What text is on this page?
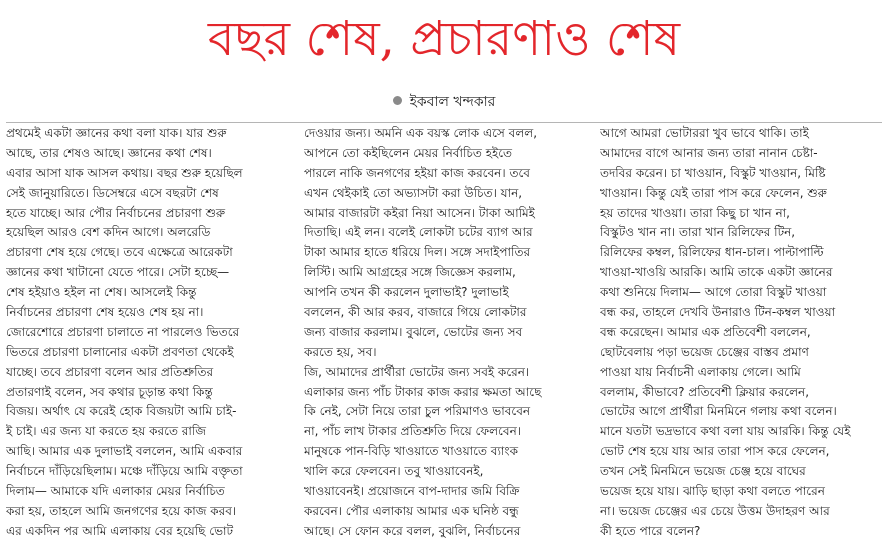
বছর শেষ, প্রচারণাও শেষ
ইকবাল খন্দকার
প্রথমেই একটা জ্ঞানের কথা বলা যাক। যার শুরু
আছে, তার শেষও আছে। জ্ঞানের কথা শেষ।
এবার আসা যাক আসল কথায়। বছর শুরু হয়েছিল
সেই জানুয়ারিতে। ডিসেম্বরে এসে বছরটা শেষ
হতে যাচ্ছে। আর পৌর নির্বাচনের প্রচারণা শুরু
হয়েছিল আরও বেশ কদিন আগে। অলরেডি
প্রচারণা শেষ হয়ে গেছে। তবে এক্ষেত্রে আরেকটা
জ্ঞানের কথা খাটানো যেতে পারে। সেটা হচ্ছে—
শেষ হইয়াও হইল না শেষ। আসলেই কিন্তু
নির্বাচনের প্রচারণা শেষ হয়েও শেষ হয় না।
জোরেশোরে প্রচারণা চালাতে না পারলেও ভিতরে
ভিতরে প্রচারণা চালানোর একটা প্রবণতা থেকেই
যাচ্ছে। তবে প্রচারণা বলেন আর প্রতিশ্রুতির
প্রতারণাই বলেন, সব কথার চূড়ান্ত কথা কিন্তু
বিজয়। অর্থাৎ যে করেই হোক বিজয়টা আমি চাই-
ই চাই। এর জন্য যা করতে হয় করতে রাজি
আছি। আমার এক দুলাভাই বললেন, আমি একবার
নির্বাচনে দাঁড়িয়েছিলাম। মঞ্চে দাঁড়িয়ে আমি বক্তৃতা
দিলাম— আমাকে যদি এলাকার মেয়র নির্বাচিত
করা হয়, তাহলে আমি জনগণের হয়ে কাজ করব।
এর একদিন পর আমি এলাকায় বের হয়েছি ভোট
দেওয়ার জন্য। অমনি এক বয়স্ক লোক এসে বলল,
আপনে তো কইছিলেন মেয়র নির্বাচিত হইতে
পারলে নাকি জনগণের হইয়া কাজ করবেন। তবে
এখন থেইকাই তো অভ্যাসটা করা উচিত। যান,
আমার বাজারটা কইরা নিয়া আসেন। টাকা আমিই
দিতাছি। এই লন। বলেই লোকটা চটের ব্যাগ আর
টাকা আমার হাতে ধরিয়ে দিল। সঙ্গে সদাইপাতির
লিস্টি। আমি আগ্রহের সঙ্গে জিজ্ঞেস করলাম,
আপনি তখন কী করলেন দুলাভাই? দুলাভাই
বললেন, কী আর করব, বাজারে গিয়ে লোকটার
জন্য বাজার করলাম। বুঝলে, ভোটের জন্য সব
করতে হয়, সব।
জি, আমাদের প্রার্থীরা ভোটের জন্য সবই করেন।
এলাকার জন্য পাঁচ টাকার কাজ করার ক্ষমতা আছে
কি নেই, সেটা নিয়ে তারা চুল পরিমাণও ভাববেন
না, পাঁচ লাখ টাকার প্রতিশ্রুতি দিয়ে ফেলবেন।
মানুষকে পান-বিড়ি খাওয়াতে খাওয়াতে ব্যাংক
খালি করে ফেলবেন। তবু খাওয়াবেনই,
খাওয়াবেনই। প্রয়োজনে বাপ-দাদার জমি বিক্রি
করবেন। পৌর এলাকায় আমার এক ঘনিষ্ঠ বন্ধু
আছে। সে ফোন করে বলল, বুঝলি, নির্বাচনের
আগে আমরা ভোটাররা খুব ভাবে থাকি। তাই
আমাদের বাগে আনার জন্য তারা নানান চেষ্টা-
তদবির করেন। চা খাওয়ান, বিস্কুট খাওয়ান, মিষ্টি
খাওয়ান। কিন্তু যেই তারা পাস করে ফেলেন, শুরু
হয় তাদের খাওয়া। তারা কিছু চা খান না,
বিস্কুটও খান না। তারা খান রিলিফের টিন,
রিলিফের কম্বল, রিলিফের ধান-চাল। পাল্টাপাল্টি
খাওয়া-খাওয়ি আরকি। আমি তাকে একটা জ্ঞানের
কথা শুনিয়ে দিলাম— আগে তোরা বিস্কুট খাওয়া
বন্ধ কর, তাহলে দেখবি উনারাও টিন-কম্বল খাওয়া
বন্ধ করেছেন। আমার এক প্রতিবেশী বললেন,
ছোটবেলায় পড়া ভয়েজ চেঞ্জের বাস্তব প্রমাণ
পাওয়া যায় নির্বাচনী এলাকায় গেলে। আমি
বললাম, কীভাবে? প্রতিবেশী ক্লিয়ার করলেন,
ভোটের আগে প্রার্থীরা মিনমিনে গলায় কথা বলেন।
মানে যতটা ভদ্রভাবে কথা বলা যায় আরকি। কিন্তু যেই
ভোট শেষ হয়ে যায় আর তারা পাস করে ফেলেন,
তখন সেই মিনমিনে ভয়েজ চেঞ্জ হয়ে বাঘের
ভয়েজ হয়ে যায়। ঝাড়ি ছাড়া কথা বলতে পারেন
না। ভয়েজ চেঞ্জের এর চেয়ে উত্তম উদাহরণ আর
কী হতে পারে বলেন?
